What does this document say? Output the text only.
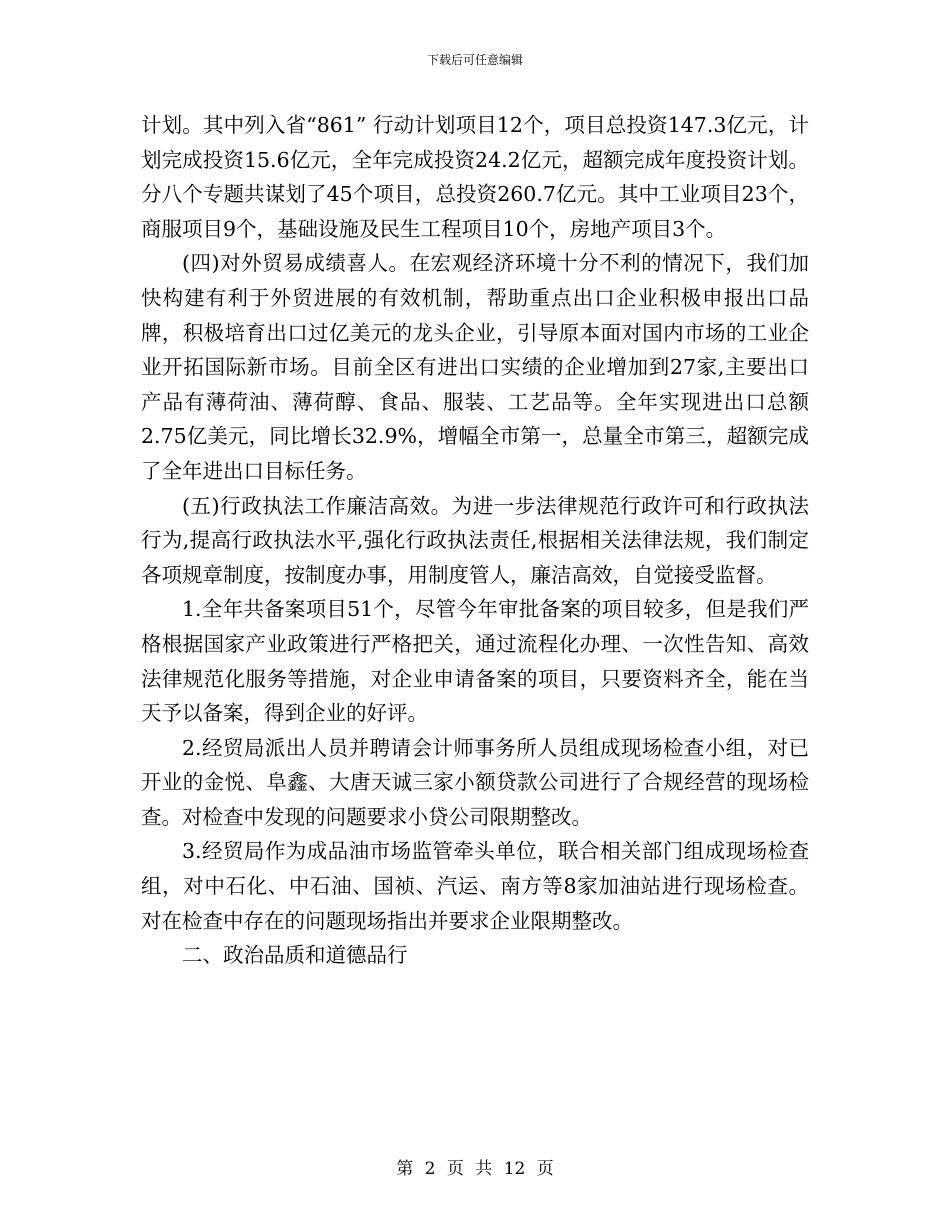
下载后可任意编辑

计划。其中列入省“861” 行动计划项目12个，项目总投资147.3亿元，计划完成投资15.6亿元，全年完成投资24.2亿元，超额完成年度投资计划。分八个专题共谋划了45个项目，总投资260.7亿元。其中工业项目23个，商服项目9个，基础设施及民生工程项目10个，房地产项目3个。

(四)对外贸易成绩喜人。在宏观经济环境十分不利的情况下，我们加快构建有利于外贸进展的有效机制，帮助重点出口企业积极申报出口品牌，积极培育出口过亿美元的龙头企业，引导原本面对国内市场的工业企业开拓国际新市场。目前全区有进出口实绩的企业增加到27家,主要出口产品有薄荷油、薄荷醇、食品、服装、工艺品等。全年实现进出口总额2.75亿美元，同比增长32.9%，增幅全市第一，总量全市第三，超额完成了全年进出口目标任务。

(五)行政执法工作廉洁高效。为进一步法律规范行政许可和行政执法行为,提高行政执法水平,强化行政执法责任,根据相关法律法规，我们制定各项规章制度，按制度办事，用制度管人，廉洁高效，自觉接受监督。

1.全年共备案项目51个，尽管今年审批备案的项目较多，但是我们严格根据国家产业政策进行严格把关，通过流程化办理、一次性告知、高效法律规范化服务等措施，对企业申请备案的项目，只要资料齐全，能在当天予以备案，得到企业的好评。

2.经贸局派出人员并聘请会计师事务所人员组成现场检查小组，对已开业的金悦、阜鑫、大唐天诚三家小额贷款公司进行了合规经营的现场检查。对检查中发现的问题要求小贷公司限期整改。

3.经贸局作为成品油市场监管牵头单位，联合相关部门组成现场检查组，对中石化、中石油、国祯、汽运、南方等8家加油站进行现场检查。对在检查中存在的问题现场指出并要求企业限期整改。

二、政治品质和道德品行

第 2 页 共 12 页
